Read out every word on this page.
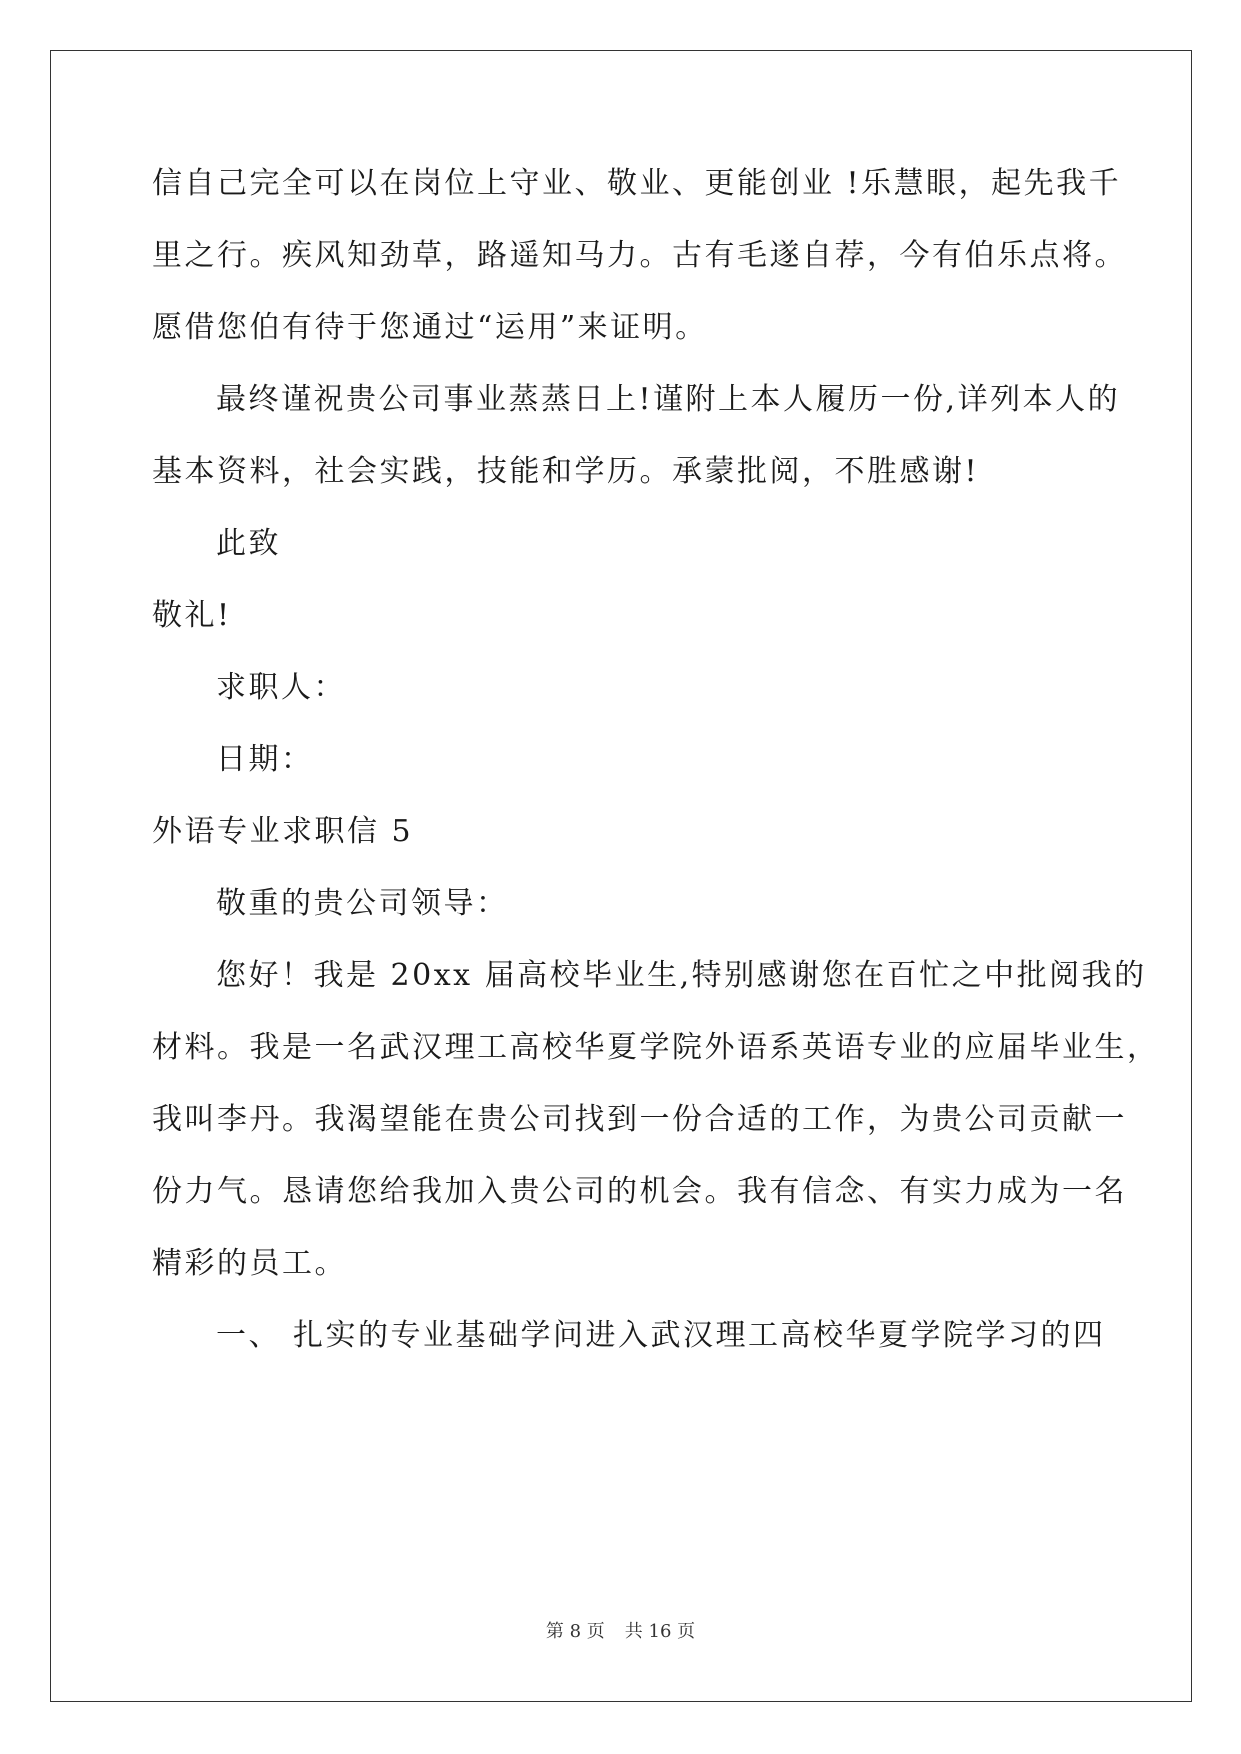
信自己完全可以在岗位上守业、敬业、更能创业 !乐慧眼，起先我千
里之行。疾风知劲草，路遥知马力。古有毛遂自荐，今有伯乐点将。
愿借您伯有待于您通过“运用”来证明。
最终谨祝贵公司事业蒸蒸日上!谨附上本人履历一份,详列本人的
基本资料，社会实践，技能和学历。承蒙批阅，不胜感谢!
此致
敬礼!
求职人：
日期：
外语专业求职信 5
敬重的贵公司领导：
您好！我是 20xx 届高校毕业生,特别感谢您在百忙之中批阅我的
材料。我是一名武汉理工高校华夏学院外语系英语专业的应届毕业生，
我叫李丹。我渴望能在贵公司找到一份合适的工作，为贵公司贡献一
份力气。恳请您给我加入贵公司的机会。我有信念、有实力成为一名
精彩的员工。
一、 扎实的专业基础学问进入武汉理工高校华夏学院学习的四
第 8 页 共 16 页
